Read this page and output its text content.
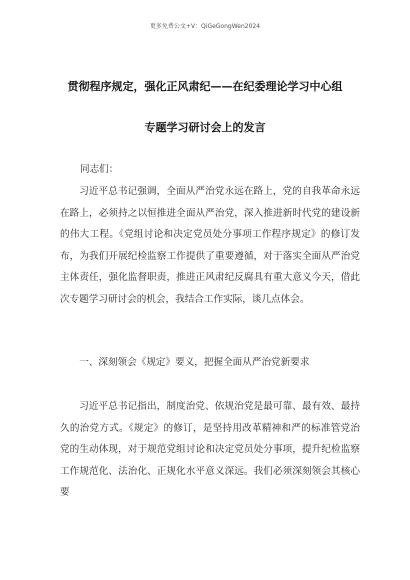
更多免费公文+V：QiGeGongWen2024
贯彻程序规定，强化正风肃纪——在纪委理论学习中心组
专题学习研讨会上的发言
同志们：

习近平总书记强调，全面从严治党永远在路上，党的自我革命永远在路上，必须持之以恒推进全面从严治党，深入推进新时代党的建设新的伟大工程。《党组讨论和决定党员处分事项工作程序规定》的修订发布，为我们开展纪检监察工作提供了重要遵循，对于落实全面从严治党主体责任，强化监督职责，推进正风肃纪反腐具有重大意义今天，借此次专题学习研讨会的机会，我结合工作实际，谈几点体会。

一、深刻领会《规定》要义，把握全面从严治党新要求

习近平总书记指出，制度治党、依规治党是最可靠、最有效、最持久的治党方式。《规定》的修订，是坚持用改革精神和严的标准管党治党的生动体现，对于规范党组讨论和决定党员处分事项，提升纪检监察工作规范化、法治化、正规化水平意义深远。我们必须深刻领会其核心要
